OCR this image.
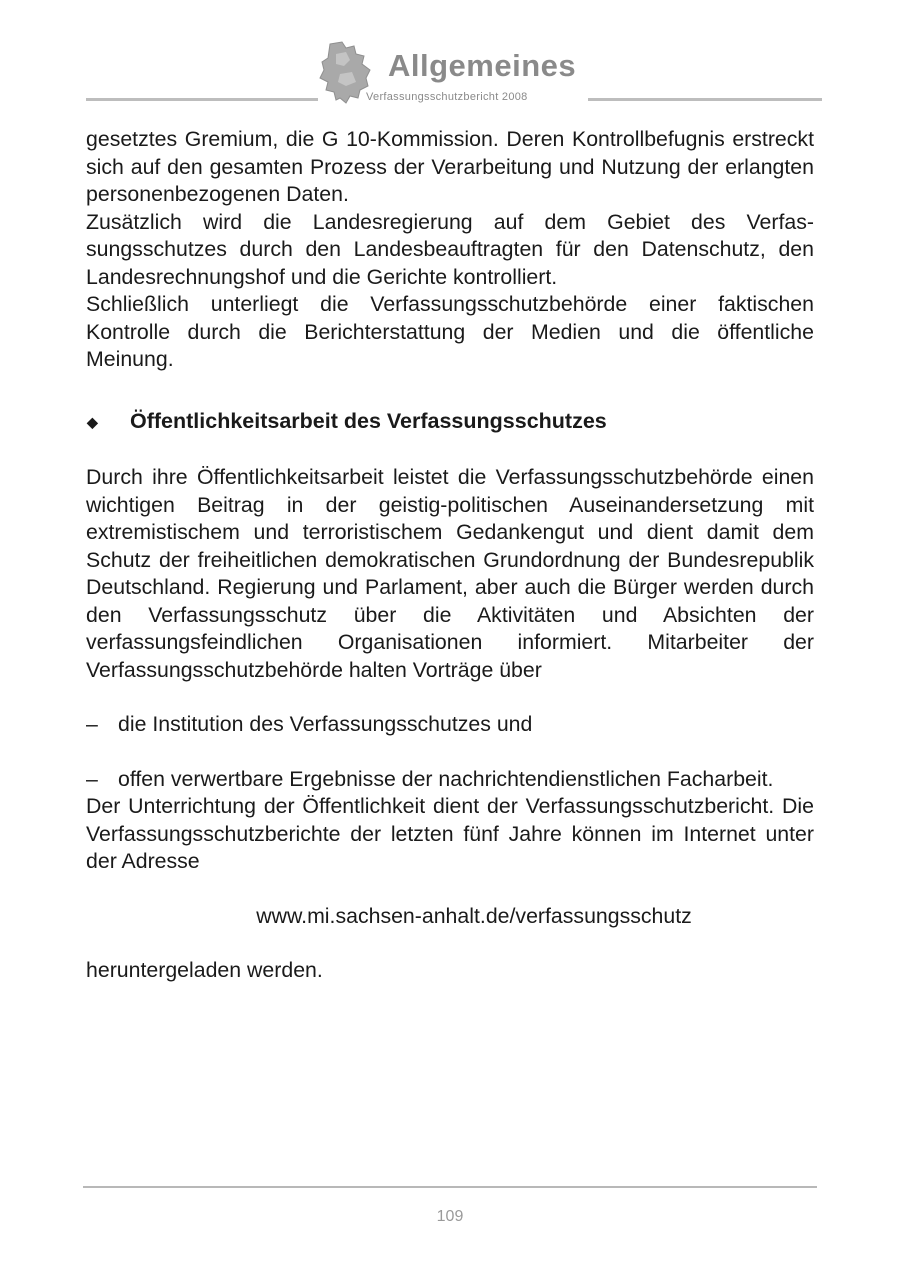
Allgemeines
Verfassungsschutzbericht 2008

gesetztes Gremium, die G 10-Kommission. Deren Kontrollbefugnis erstreckt sich auf den gesamten Prozess der Verarbeitung und Nutzung der erlangten personenbezogenen Daten.

Zusätzlich wird die Landesregierung auf dem Gebiet des Verfassungsschutzes durch den Landesbeauftragten für den Datenschutz, den Landesrechnungshof und die Gerichte kontrolliert.

Schließlich unterliegt die Verfassungsschutzbehörde einer faktischen Kontrolle durch die Berichterstattung der Medien und die öffentliche Meinung.

◆ Öffentlichkeitsarbeit des Verfassungsschutzes

Durch ihre Öffentlichkeitsarbeit leistet die Verfassungsschutzbehörde einen wichtigen Beitrag in der geistig-politischen Auseinandersetzung mit extremistischem und terroristischem Gedankengut und dient damit dem Schutz der freiheitlichen demokratischen Grundordnung der Bundesrepublik Deutschland. Regierung und Parlament, aber auch die Bürger werden durch den Verfassungsschutz über die Aktivitäten und Absichten der verfassungsfeindlichen Organisationen informiert. Mitarbeiter der Verfassungsschutzbehörde halten Vorträge über

– die Institution des Verfassungsschutzes und

– offen verwertbare Ergebnisse der nachrichtendienstlichen Facharbeit.

Der Unterrichtung der Öffentlichkeit dient der Verfassungsschutzbericht. Die Verfassungsschutzberichte der letzten fünf Jahre können im Internet unter der Adresse

www.mi.sachsen-anhalt.de/verfassungsschutz

heruntergeladen werden.

109
